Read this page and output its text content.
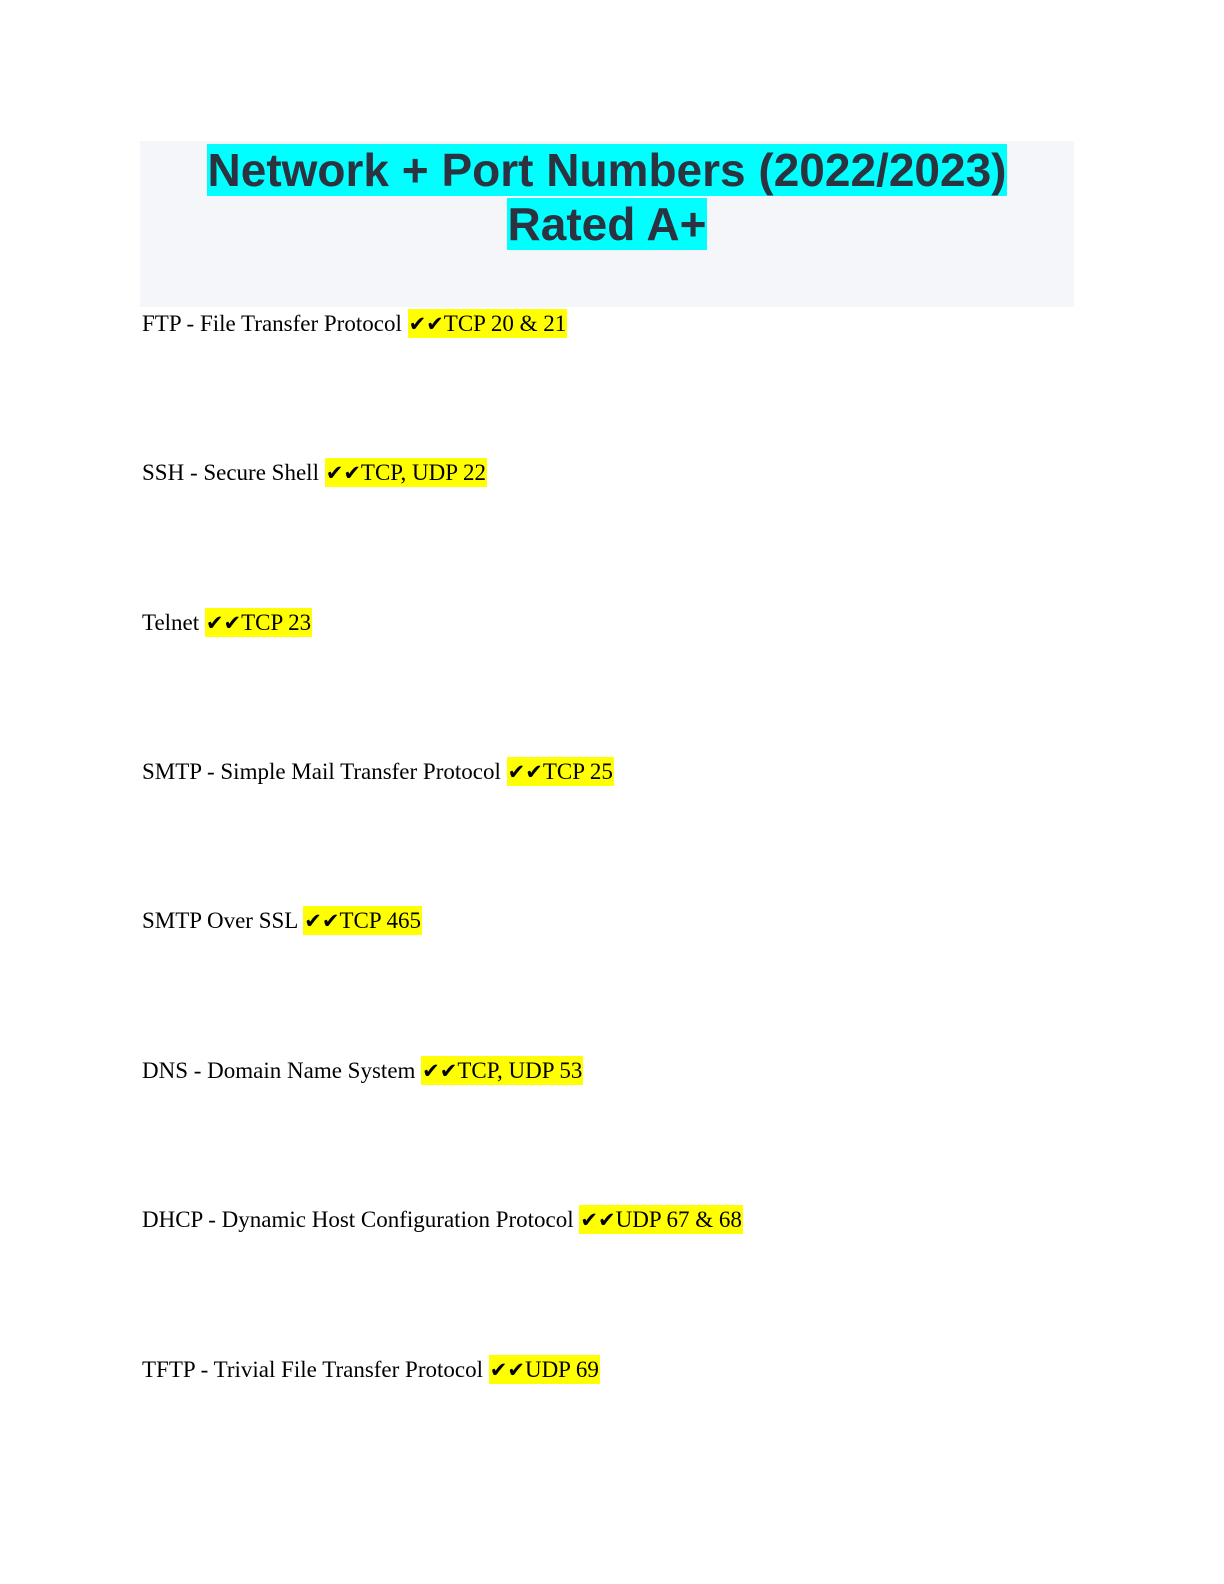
Network + Port Numbers (2022/2023)
Rated A+
FTP - File Transfer Protocol ✔✔TCP 20 & 21
SSH - Secure Shell ✔✔TCP, UDP 22
Telnet ✔✔TCP 23
SMTP - Simple Mail Transfer Protocol ✔✔TCP 25
SMTP Over SSL ✔✔TCP 465
DNS - Domain Name System ✔✔TCP, UDP 53
DHCP - Dynamic Host Configuration Protocol ✔✔UDP 67 & 68
TFTP - Trivial File Transfer Protocol ✔✔UDP 69
